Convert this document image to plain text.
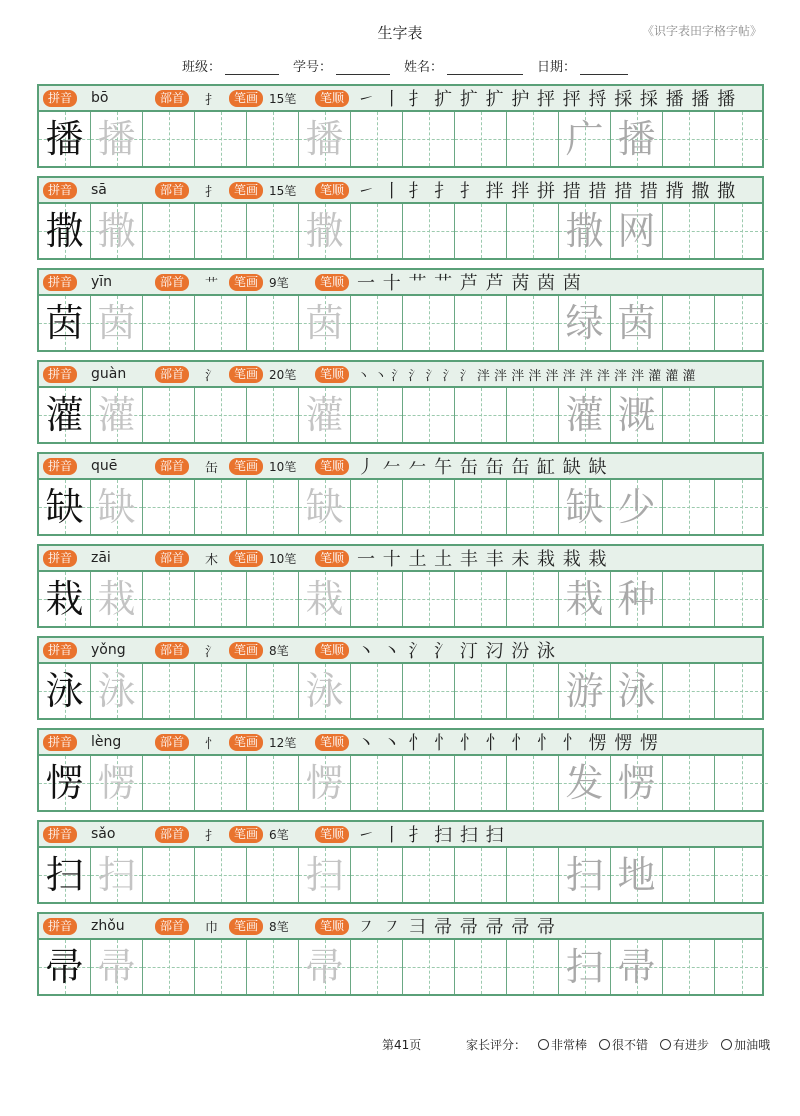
生字表	《识字表田字格字帖》
班级：	学号：	姓名：	日期：
拼音	bō	部首	扌	笔画 15笔	笔顺 ㇀ 丨 扌 扩 扩 扩 护 抨 抨 捋 採 採 播 播 播
播 播	播	广 播
拼音	sā	部首	扌	笔画 15笔	笔顺 ㇀ 丨 扌 扌 扌 拌 拌 拼 措 措 措 措 揹 撒 撒
撒 撒	撒	撒 网
拼音	yīn	部首	艹	笔画 9笔	笔顺 一 十 艹 艹 芦 芦 苪 茵 茵
茵 茵	茵	绿 茵
拼音	guàn	部首	氵	笔画 20笔	笔顺 丶 丶 氵 氵 氵 氵 氵 泮 泮 泮 泮 泮 泮 泮 泮 泮 泮 灌 灌 灌
灌 灌	灌	灌 溉
拼音	quē	部首	缶	笔画 10笔	笔顺 丿 𠂉 𠂉 午 缶 缶 缶 缸 缺 缺
缺 缺	缺	缺 少
拼音	zāi	部首	木	笔画 10笔	笔顺 一 十 土 土 丰 丰 未 栽 栽 栽
栽 栽	栽	栽 种
拼音	yǒng	部首	氵	笔画 8笔	笔顺 丶 丶 氵 氵 汀 汈 汾 泳
泳 泳	泳	游 泳
拼音	lèng	部首	忄	笔画 12笔	笔顺 丶 丶 忄 忄 忄 忄 忄 忄 忄 愣 愣 愣
愣 愣	愣	发 愣
拼音	sǎo	部首	扌	笔画 6笔	笔顺 ㇀ 丨 扌 扫 扫 扫
扫 扫	扫	扫 地
拼音	zhǒu	部首	巾	笔画 8笔	笔顺 ㇇ ㇇ 彐 帚 帚 帚 帚 帚
帚 帚	帚	扫 帚
第41页	家长评分： 非常棒 很不错 有进步 加油哦
